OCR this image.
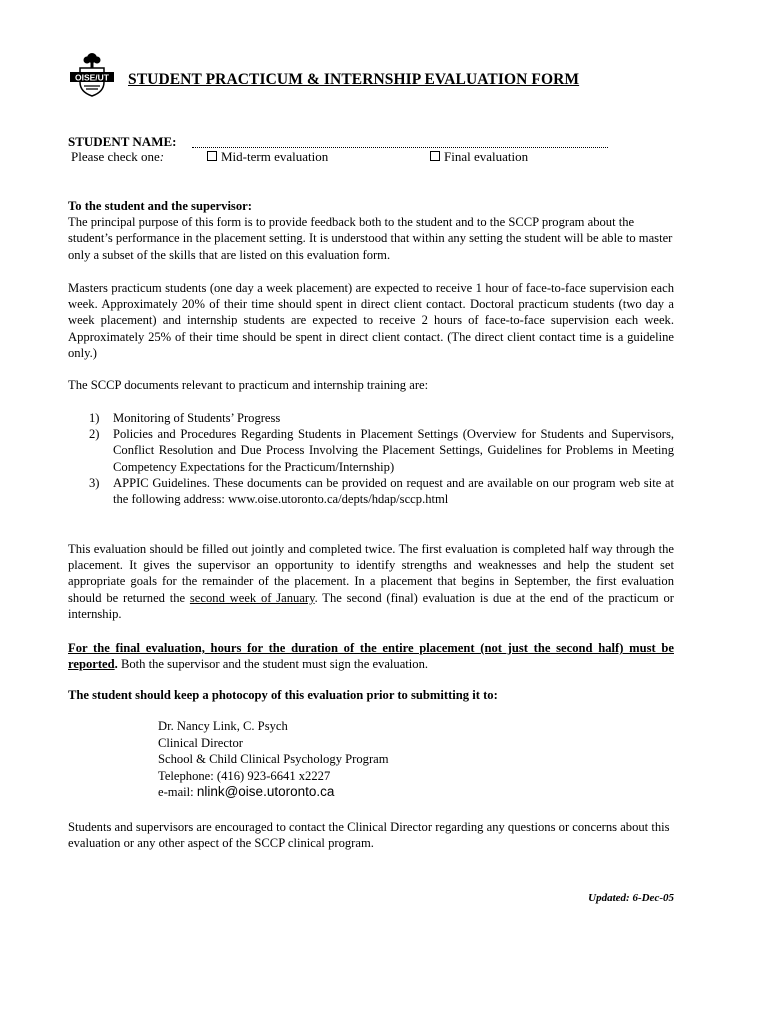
OISE/UT STUDENT PRACTICUM & INTERNSHIP EVALUATION FORM
STUDENT NAME:
Please check one:	Mid-term evaluation	Final evaluation
To the student and the supervisor:
The principal purpose of this form is to provide feedback both to the student and to the SCCP program about the student’s performance in the placement setting. It is understood that within any setting the student will be able to master only a subset of the skills that are listed on this evaluation form.
Masters practicum students (one day a week placement) are expected to receive 1 hour of face-to-face supervision each week. Approximately 20% of their time should spent in direct client contact. Doctoral practicum students (two day a week placement) and internship students are expected to receive 2 hours of face-to-face supervision each week. Approximately 25% of their time should be spent in direct client contact. (The direct client contact time is a guideline only.)
The SCCP documents relevant to practicum and internship training are:
1) Monitoring of Students’ Progress
2) Policies and Procedures Regarding Students in Placement Settings (Overview for Students and Supervisors, Conflict Resolution and Due Process Involving the Placement Settings, Guidelines for Problems in Meeting Competency Expectations for the Practicum/Internship)
3) APPIC Guidelines. These documents can be provided on request and are available on our program web site at the following address: www.oise.utoronto.ca/depts/hdap/sccp.html
This evaluation should be filled out jointly and completed twice. The first evaluation is completed half way through the placement. It gives the supervisor an opportunity to identify strengths and weaknesses and help the student set appropriate goals for the remainder of the placement. In a placement that begins in September, the first evaluation should be returned the second week of January. The second (final) evaluation is due at the end of the practicum or internship.
For the final evaluation, hours for the duration of the entire placement (not just the second half) must be reported. Both the supervisor and the student must sign the evaluation.
The student should keep a photocopy of this evaluation prior to submitting it to:
Dr. Nancy Link, C. Psych
Clinical Director
School & Child Clinical Psychology Program
Telephone: (416) 923-6641 x2227
e-mail: nlink@oise.utoronto.ca
Students and supervisors are encouraged to contact the Clinical Director regarding any questions or concerns about this evaluation or any other aspect of the SCCP clinical program.
Updated: 6-Dec-05
